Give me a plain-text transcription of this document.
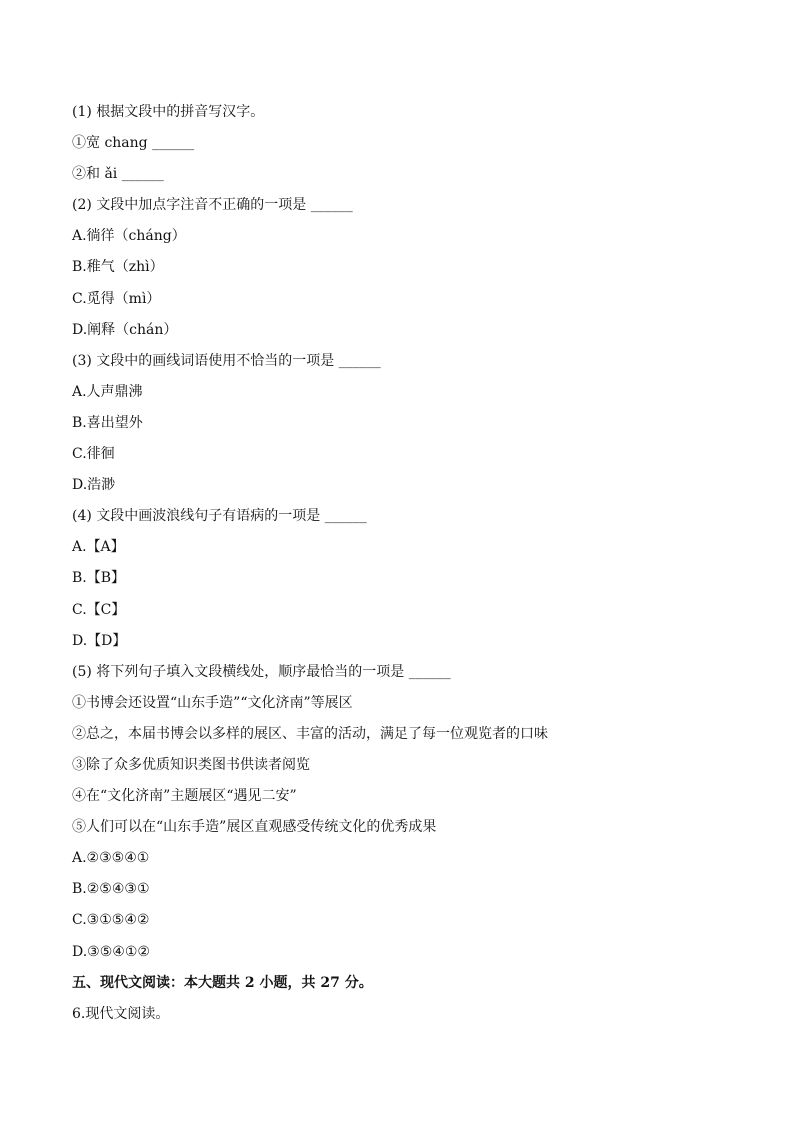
(1) 根据文段中的拼音写汉字。
①宽 chang ______
②和 ǎi ______
(2) 文段中加点字注音不正确的一项是 ______
A.徜徉（cháng）
B.稚气（zhì）
C.觅得（mì）
D.阐释（chán）
(3) 文段中的画线词语使用不恰当的一项是 ______
A.人声鼎沸
B.喜出望外
C.徘徊
D.浩渺
(4) 文段中画波浪线句子有语病的一项是 ______
A.【A】
B.【B】
C.【C】
D.【D】
(5) 将下列句子填入文段横线处，顺序最恰当的一项是 ______
①书博会还设置“山东手造”“文化济南”等展区
②总之，本届书博会以多样的展区、丰富的活动，满足了每一位观览者的口味
③除了众多优质知识类图书供读者阅览
④在“文化济南”主题展区“遇见二安”
⑤人们可以在“山东手造”展区直观感受传统文化的优秀成果
A.②③⑤④①
B.②⑤④③①
C.③①⑤④②
D.③⑤④①②
五、现代文阅读：本大题共 2 小题，共 27 分。
6.现代文阅读。
